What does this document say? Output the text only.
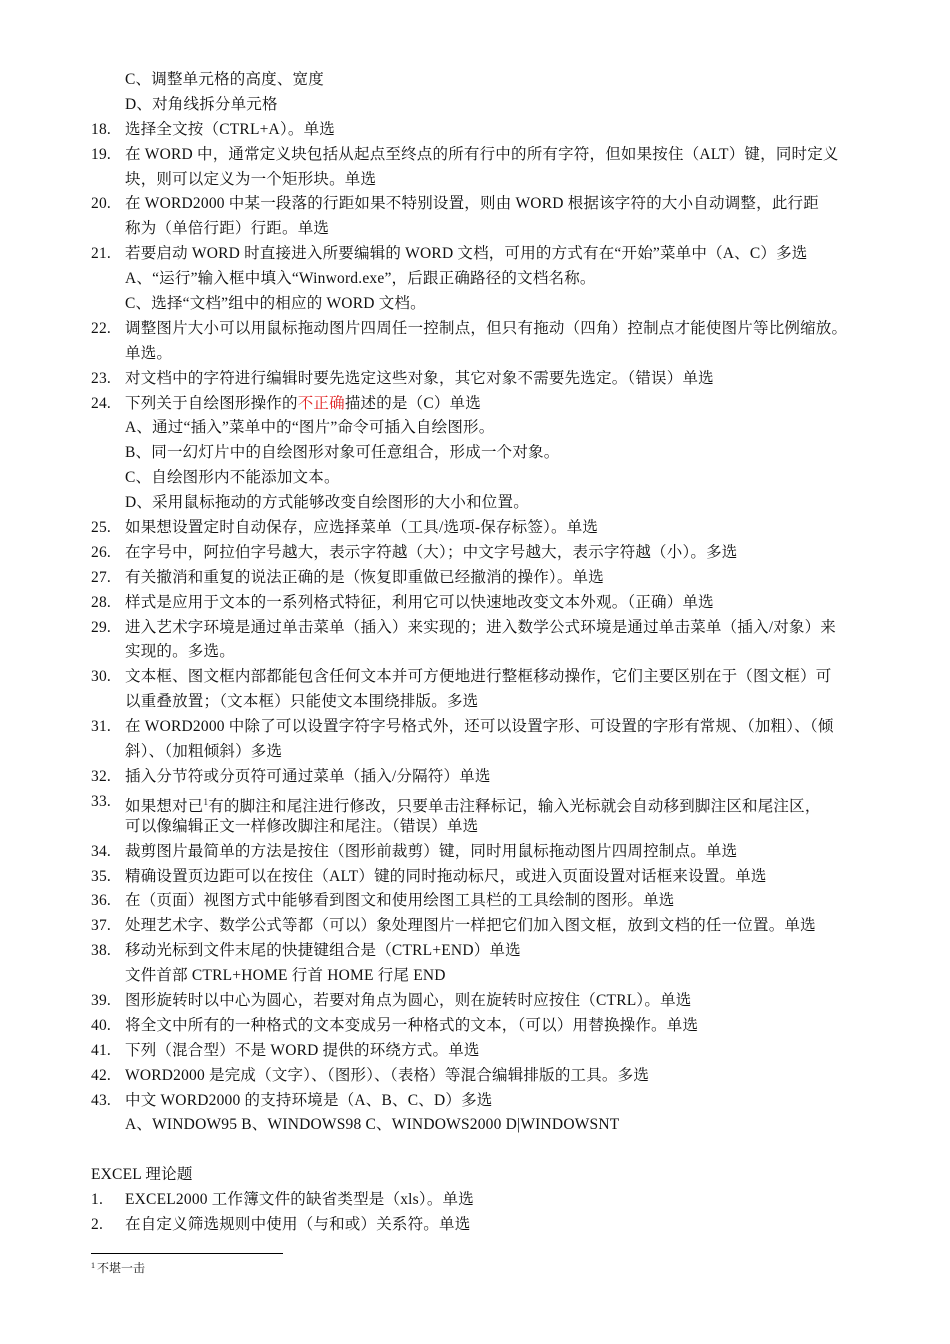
C、调整单元格的高度、宽度
D、对角线拆分单元格
18. 选择全文按（CTRL+A）。单选
19. 在 WORD 中，通常定义块包括从起点至终点的所有行中的所有字符，但如果按住（ALT）键，同时定义
块，则可以定义为一个矩形块。单选
20. 在 WORD2000 中某一段落的行距如果不特别设置，则由 WORD 根据该字符的大小自动调整，此行距
称为（单倍行距）行距。单选
21. 若要启动 WORD 时直接进入所要编辑的 WORD 文档，可用的方式有在“开始”菜单中（A、C）多选
A、“运行”输入框中填入“Winword.exe”，后跟正确路径的文档名称。
C、选择“文档”组中的相应的 WORD 文档。
22. 调整图片大小可以用鼠标拖动图片四周任一控制点，但只有拖动（四角）控制点才能使图片等比例缩放。
单选。
23. 对文档中的字符进行编辑时要先选定这些对象，其它对象不需要先选定。（错误）单选
24. 下列关于自绘图形操作的不正确描述的是（C）单选
A、通过“插入”菜单中的“图片”命令可插入自绘图形。
B、同一幻灯片中的自绘图形对象可任意组合，形成一个对象。
C、自绘图形内不能添加文本。
D、采用鼠标拖动的方式能够改变自绘图形的大小和位置。
25. 如果想设置定时自动保存，应选择菜单（工具/选项-保存标签）。单选
26. 在字号中，阿拉伯字号越大，表示字符越（大）；中文字号越大，表示字符越（小）。多选
27. 有关撤消和重复的说法正确的是（恢复即重做已经撤消的操作）。单选
28. 样式是应用于文本的一系列格式特征，利用它可以快速地改变文本外观。（正确）单选
29. 进入艺术字环境是通过单击菜单（插入）来实现的；进入数学公式环境是通过单击菜单（插入/对象）来
实现的。多选。
30. 文本框、图文框内部都能包含任何文本并可方便地进行整框移动操作，它们主要区别在于（图文框）可
以重叠放置；（文本框）只能使文本围绕排版。多选
31. 在 WORD2000 中除了可以设置字符字号格式外，还可以设置字形、可设置的字形有常规、（加粗）、（倾
斜）、（加粗倾斜）多选
32. 插入分节符或分页符可通过菜单（插入/分隔符）单选
33. 如果想对已$^1$有的脚注和尾注进行修改，只要单击注释标记，输入光标就会自动移到脚注区和尾注区，
可以像编辑正文一样修改脚注和尾注。（错误）单选
34. 裁剪图片最简单的方法是按住（图形前裁剪）键，同时用鼠标拖动图片四周控制点。单选
35. 精确设置页边距可以在按住（ALT）键的同时拖动标尺，或进入页面设置对话框来设置。单选
36. 在（页面）视图方式中能够看到图文和使用绘图工具栏的工具绘制的图形。单选
37. 处理艺术字、数学公式等都（可以）象处理图片一样把它们加入图文框，放到文档的任一位置。单选
38. 移动光标到文件末尾的快捷键组合是（CTRL+END）单选
文件首部 CTRL+HOME 行首 HOME 行尾 END
39. 图形旋转时以中心为圆心，若要对角点为圆心，则在旋转时应按住（CTRL）。单选
40. 将全文中所有的一种格式的文本变成另一种格式的文本，（可以）用替换操作。单选
41. 下列（混合型）不是 WORD 提供的环绕方式。单选
42. WORD2000 是完成（文字）、（图形）、（表格）等混合编辑排版的工具。多选
43. 中文 WORD2000 的支持环境是（A、B、C、D）多选
A、WINDOW95 B、WINDOWS98 C、WINDOWS2000 D|WINDOWSNT
EXCEL 理论题
1. EXCEL2000 工作簿文件的缺省类型是（xls）。单选
2. 在自定义筛选规则中使用（与和或）关系符。单选
$^1$ 不堪一击
